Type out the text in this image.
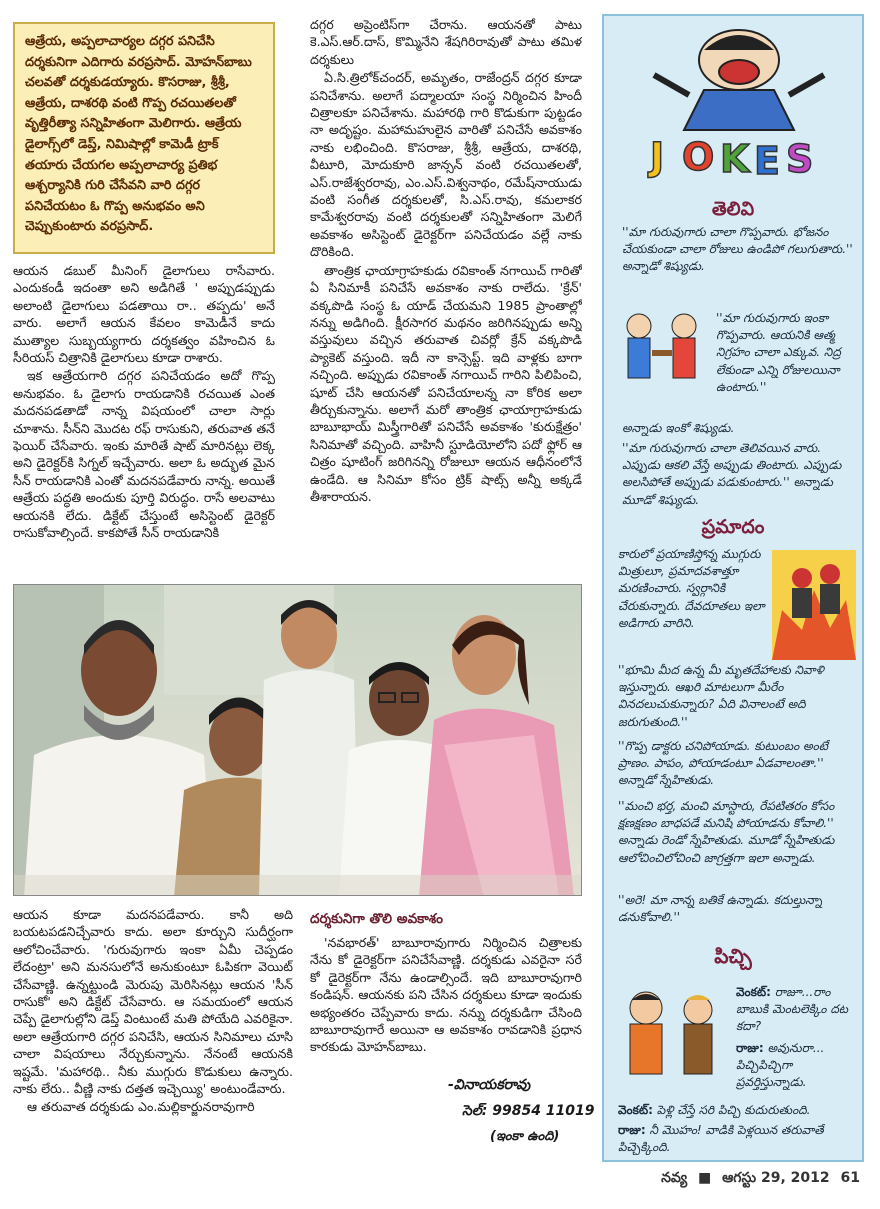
ఆత్రేయ, అప్పలాచార్యల దగ్గర పనిచేసి దర్శకునిగా ఎదిగారు వరప్రసాద్. మోహన్‌బాబు చలవతో దర్శకుడయ్యారు. కొసరాజు, శ్రీశ్రీ, ఆత్రేయ, దాశరథి వంటి గొప్ప రచయితలతో వృత్తిరీత్యా సన్నిహితంగా మెలిగారు. ఆత్రేయ డైలాగ్స్‌లో డెప్త్, నిమిషాల్లో కామెడీ ట్రాక్ తయారు చేయగల అప్పలాచార్య ప్రతిభ ఆశ్చర్యానికి గురి చేసేవని వారి దగ్గర పనిచేయటం ఓ గొప్ప అనుభవం అని చెప్పుకుంటారు వరప్రసాద్.

ఆయన డబుల్ మీనింగ్ డైలాగులు రాసేవారు. ఎందుకండీ ఇదంతా అని అడిగితే ' అప్పుడప్పుడు అలాంటి డైలాగులు పడతాయి రా.. తప్పదు' అనే వారు. అలాగే ఆయన కేవలం కామెడీనే కాదు ముత్యాల సుబ్బయ్యగారు దర్శకత్వం వహించిన ఓ సీరియస్ చిత్రానికి డైలాగులు కూడా రాశారు.

ఇక ఆత్రేయగారి దగ్గర పనిచేయడం అదో గొప్ప అనుభవం. ఓ డైలాగు రాయడానికి రచయిత ఎంత మదనపడతాడో నాన్న విషయంలో చాలా సార్లు చూశాను. సీన్‌ని మొదట రఫ్ రాసుకుని, తరువాత తనే ఫెయిర్ చేసేవారు. ఇంకు మారితే షాట్ మారినట్లు లెక్క అని డైరెక్టర్‌కి సిగ్నల్ ఇచ్చేవారు. అలా ఓ అద్భుత మైన సీన్ రాయడానికి ఎంతో మదనపడేవారు నాన్న. అయితే ఆత్రేయ పద్ధతి అందుకు పూర్తి విరుద్ధం. రాసే అలవాటు ఆయనకి లేదు. డిక్టేట్ చేస్తుంటే అసిస్టెంట్ డైరెక్టర్ రాసుకోవాల్సిందే. కాకపోతే సీన్ రాయడానికి

దగ్గర అప్రెంటిస్‌గా చేరాను. ఆయనతో పాటు కె.ఎస్.ఆర్.దాస్, కొమ్మినేని శేషగిరిరావుతో పాటు తమిళ దర్శకులు

ఏ.సి.త్రిలోక్‌చందర్, అమృతం, రాజేంద్రన్ దగ్గర కూడా పనిచేశాను. అలాగే పద్మాలయా సంస్థ నిర్మించిన హిందీ చిత్రాలకూ పనిచేశాను. మహారథి గారి కొడుకుగా పుట్టడం నా అదృష్టం. మహామహులైన వారితో పనిచేసే అవకాశం నాకు లభించింది. కొసరాజు, శ్రీశ్రీ, ఆత్రేయ, దాశరథి, వీటూరి, మోదుకూరి జాన్సన్ వంటి రచయితలతో, ఎస్.రాజేశ్వరరావు, ఎం.ఎస్.విశ్వనాథం, రమేష్‌నాయుడు వంటి సంగీత దర్శకులతో, సి.ఎస్.రావు, కమలాకర కామేశ్వరరావు వంటి దర్శకులతో సన్నిహితంగా మెలిగే అవకాశం అసిస్టెంట్ డైరెక్టర్‌గా పనిచేయడం వల్లే నాకు దొరికింది.

తాంత్రిక ఛాయాగ్రాహకుడు రవికాంత్ నగాయిచ్ గారితో ఏ సినిమాకీ పనిచేసే అవకాశం నాకు రాలేదు. 'క్రేన్' వక్కపొడి సంస్థ ఓ యాడ్ చేయమని 1985 ప్రాంతాల్లో నన్ను అడిగింది. క్షీరసాగర మథనం జరిగినప్పుడు అన్ని వస్తువులు వచ్చిన తరువాత చివర్లో క్రేన్ వక్కపొడి ప్యాకెట్ వస్తుంది. ఇదీ నా కాన్సెప్ట్. ఇది వాళ్లకు బాగా నచ్చింది. అప్పుడు రవికాంత్ నగాయిచ్ గారిని పిలిపించి, షూట్ చేసి ఆయనతో పనిచేయాలన్న నా కోరిక అలా తీర్చుకున్నాను. అలాగే మరో తాంత్రిక ఛాయాగ్రాహకుడు బాబూభాయ్ మిస్త్రీగారితో పనిచేసే అవకాశం 'కురుక్షేత్రం' సినిమాతో వచ్చింది. వాహినీ స్టూడియోలోని పదో ఫ్లోర్ ఆ చిత్రం షూటింగ్ జరిగినన్ని రోజులూ ఆయన ఆధీనంలోనే ఉండేది. ఆ సినిమా కోసం ట్రిక్ షాట్స్ అన్నీ అక్కడే తీశారాయన.

ఆయన కూడా మదనపడేవారు. కానీ అది బయటపడనిచ్చేవారు కాదు. అలా కూర్చుని సుదీర్ఘంగా ఆలోచించేవారు. 'గురువుగారు ఇంకా ఏమీ చెప్పడం లేదంట్రా' అని మనసులోనే అనుకుంటూ ఓపికగా వెయిట్ చేసేవాణ్ణి. ఉన్నట్టుండి మెరుపు మెరిసినట్లు ఆయన 'సీన్ రాసుకో' అని డిక్టేట్ చేసేవారు. ఆ సమయంలో ఆయన చెప్పే డైలాగుల్లోని డెప్త్ వింటుంటే మతి పోయేది ఎవరికైనా. అలా ఆత్రేయగారి దగ్గర పనిచేసి, ఆయన సినిమాలు చూసి చాలా విషయాలు నేర్చుకున్నాను. నేనంటే ఆయనకి ఇష్టమే. 'మహారథి.. నీకు ముగ్గురు కొడుకులు ఉన్నారు. నాకు లేరు.. వీణ్ణి నాకు దత్తత ఇచ్చెయ్యి' అంటుండేవారు.

ఆ తరువాత దర్శకుడు ఎం.మల్లికార్జునరావుగారి

దర్శకునిగా తొలి అవకాశం

'నవభారత్' బాబూరావుగారు నిర్మించిన చిత్రాలకు నేను కో డైరెక్టర్‌గా పనిచేసేవాణ్ణి. దర్శకుడు ఎవరైనా సరే కో డైరెక్టర్‌గా నేను ఉండాల్సిందే. ఇది బాబూరావుగారి కండిషన్. ఆయనకు పని చేసిన దర్శకులు కూడా ఇందుకు అభ్యంతరం చెప్పేవారు కాదు. నన్ను దర్శకుడిగా చేసింది బాబూరావుగారే అయినా ఆ అవకాశం రావడానికి ప్రధాన కారకుడు మోహన్‌బాబు.

-వినాయకరావు
సెల్: 99854 11019
(ఇంకా ఉంది)
J O K E S
తెలివి

''మా గురువుగారు చాలా గొప్పవారు. భోజనం చేయకుండా చాలా రోజులు ఉండిపో గలుగుతారు.'' అన్నాడో శిష్యుడు.

''మా గురువుగారు ఇంకా గొప్పవారు. ఆయనికి ఆత్మ నిగ్రహం చాలా ఎక్కువ. నిద్ర లేకుండా ఎన్ని రోజులయినా ఉంటారు.''

అన్నాడు ఇంకో శిష్యుడు.

''మా గురువుగారు చాలా తెలివయిన వారు. ఎప్పుడు ఆకలి వేస్తే అప్పుడు తింటారు. ఎప్పుడు అలసిపోతే అప్పుడు పడుకుంటారు.'' అన్నాడు మూడో శిష్యుడు.

ప్రమాదం

కారులో ప్రయాణిస్తోన్న ముగ్గురు మిత్రులూ, ప్రమాదవశాత్తూ మరణించారు. స్వర్గానికి చేరుకున్నారు. దేవదూతలు ఇలా అడిగారు వారిని.

''భూమి మీద ఉన్న మీ మృతదేహాలకు నివాళి ఇస్తున్నారు. ఆఖరి మాటలుగా మీరేం వినదలుచుకున్నారు? ఏది వినాలంటే అది జరుగుతుంది.''

''గొప్ప డాక్టరు చనిపోయాడు. కుటుంబం అంటే ప్రాణం. పాపం, పోయాడంటూ ఏడవాలంతా.'' అన్నాడో స్నేహితుడు.

''మంచి భర్త, మంచి మాస్టారు, రేపటితరం కోసం క్షణక్షణం బాధపడే మనిషి పోయాడను కోవాలి.'' అన్నాడు రెండో స్నేహితుడు. మూడో స్నేహితుడు ఆలోచించిలోచించి జాగ్రత్తగా ఇలా అన్నాడు.

''అరె! మా నాన్న బతికే ఉన్నాడు. కదుల్తున్నా డనుకోవాలి.''

పిచ్చి
వెంకట్: రాజూ...రాం బాబుకి మెంటలెక్కిం దట కదా?
రాజు: అవునురా... పిచ్చిపిచ్చిగా ప్రవర్తిస్తున్నాడు.
వెంకట్: పెళ్లి చేస్తే సరి పిచ్చి కుదురుతుంది.
రాజు: నీ మొహం! వాడికి పెళ్లయిన తరువాతే పిచ్చెక్కింది.
నవ్య ■ ఆగస్టు 29, 2012 61
